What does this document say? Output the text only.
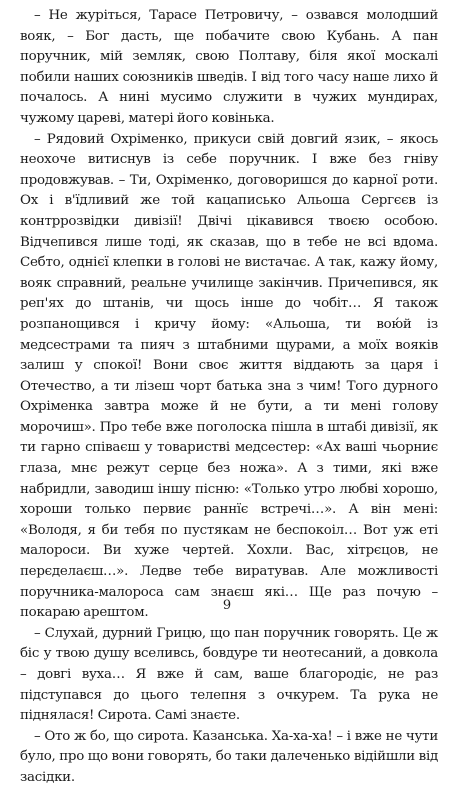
– Не журіться, Тарасе Петровичу, – озвався молодший вояк, – Бог дасть, ще побачите свою Кубань. А пан поручник, мій земляк, свою Полтаву, біля якої москалі побили наших союзників шведів. І від того часу наше лихо й почалось. А нині мусимо служити в чужих мундирах, чужому цареві, матері його ковінька.

– Рядовий Охріменко, прикуси свій довгий язик, – якось неохоче витиснув із себе поручник. І вже без гніву продовжував. – Ти, Охріменко, договоришся до карної роти. Ох і в'їдливий же той кацаписько Альоша Сергєєв із контррозвідки дивізії! Двічі цікавився твоєю особою. Відчепився лише тоді, як сказав, що в тебе не всі вдома. Себто, однієї клепки в голові не вистачає. А так, кажу йому, вояк справний, реальне училище закінчив. Причепився, як реп'ях до штанів, чи щось інше до чобіт… Я також розпанощився і кричу йому: «Альоша, ти вою́й із медсестрами та пияч з штабними щурами, а моїх вояків залиш у спокої! Вони своє життя віддають за царя і Отечество, а ти лізеш чорт батька зна з чим! Того дурного Охріменка завтра може й не бути, а ти мені голову морочиш». Про тебе вже поголоска пішла в штабі дивізії, як ти гарно співаєш у товаристві медсестер: «Ах ваші чьорниє глаза, мнє режут серце без ножа». А з тими, які вже набридли, заводиш іншу пісню: «Только утро любві хорошо, хороши только первиє раннїє встречі…». А він мені: «Володя, я би тебя по пустякам не беспокоіл… Вот уж еті малороси. Ви хуже чертей. Хохли. Вас, хітрєцов, не перєделаєш…». Ледве тебе виратував. Але можливості поручника-малороса сам знаєш які… Ще раз почую – покараю арештом.

– Слухай, дурний Грицю, що пан поручник говорять. Це ж біс у твою душу вселивсь, бовдуре ти неотесаний, а довкола – довгі вуха… Я вже й сам, ваше благородіє, не раз підступався до цього телепня з очкурем. Та рука не піднялася! Сирота. Самі знаєте.

– Ото ж бо, що сирота. Казанська. Ха-ха-ха! – і вже не чути було, про що вони говорять, бо таки далеченько відійшли від засідки.

9
